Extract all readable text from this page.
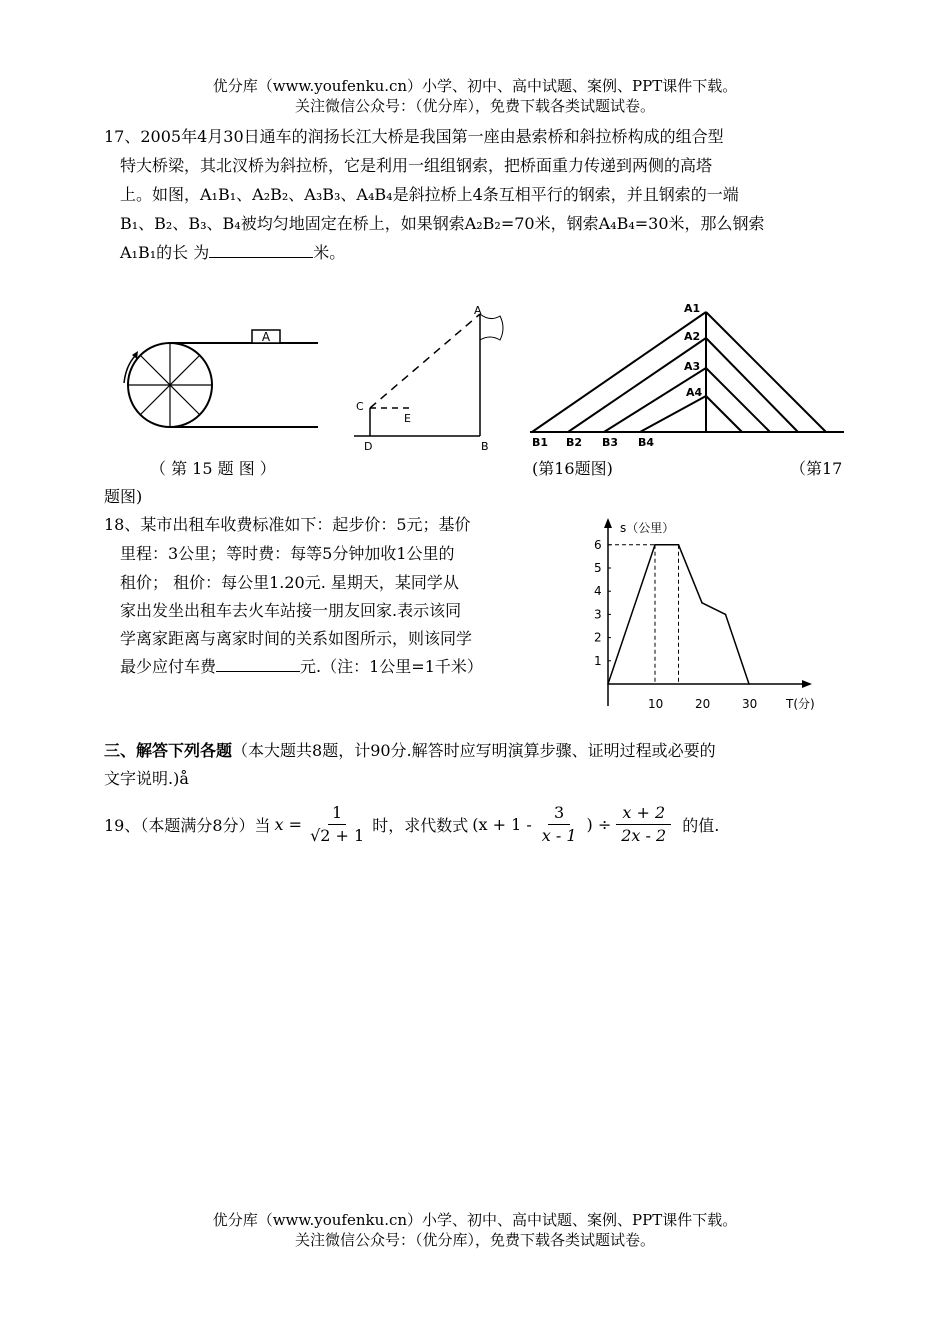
优分库（www.youfenku.cn）小学、初中、高中试题、案例、PPT课件下载。
关注微信公众号：（优分库），免费下载各类试题试卷。
17、2005年4月30日通车的润扬长江大桥是我国第一座由悬索桥和斜拉桥构成的组合型
特大桥梁，其北汊桥为斜拉桥，它是利用一组组钢索，把桥面重力传递到两侧的高塔
上。如图，A₁B₁、A₂B₂、A₃B₃、A₄B₄是斜拉桥上4条互相平行的钢索，并且钢索的一端
B₁、B₂、B₃、B₄被均匀地固定在桥上，如果钢索A₂B₂=70米，钢索A₄B₄=30米，那么钢索
A₁B₁的长 为	米。
A
A
B
C
D
E
A1
A2
A3
A4
B1 B2 B3 B4
（ 第 15 题 图 ）	(第16题图)	（第17
题图)
18、某市出租车收费标准如下：起步价：5元；基价
里程：3公里；等时费：每等5分钟加收1公里的
租价； 租价：每公里1.20元. 星期天，某同学从
家出发坐出租车去火车站接一朋友回家.表示该同
学离家距离与离家时间的关系如图所示，则该同学
最少应付车费	元.（注：1公里=1千米）
s（公里）
T(分)
1
2
3
4
5
6
10	20	30
三、解答下列各题（本大题共8题，计90分.解答时应写明演算步骤、证明过程或必要的
文字说明.)å
19、（本题满分8分）当 $x = \frac{1}{√2 + 1}$ 时，求代数式 ($x + 1 - \frac{3}{x - 1}$ ) ÷ $\frac{x + 2}{2x - 2}$ 的值.
优分库（www.youfenku.cn）小学、初中、高中试题、案例、PPT课件下载。
关注微信公众号：（优分库），免费下载各类试题试卷。
